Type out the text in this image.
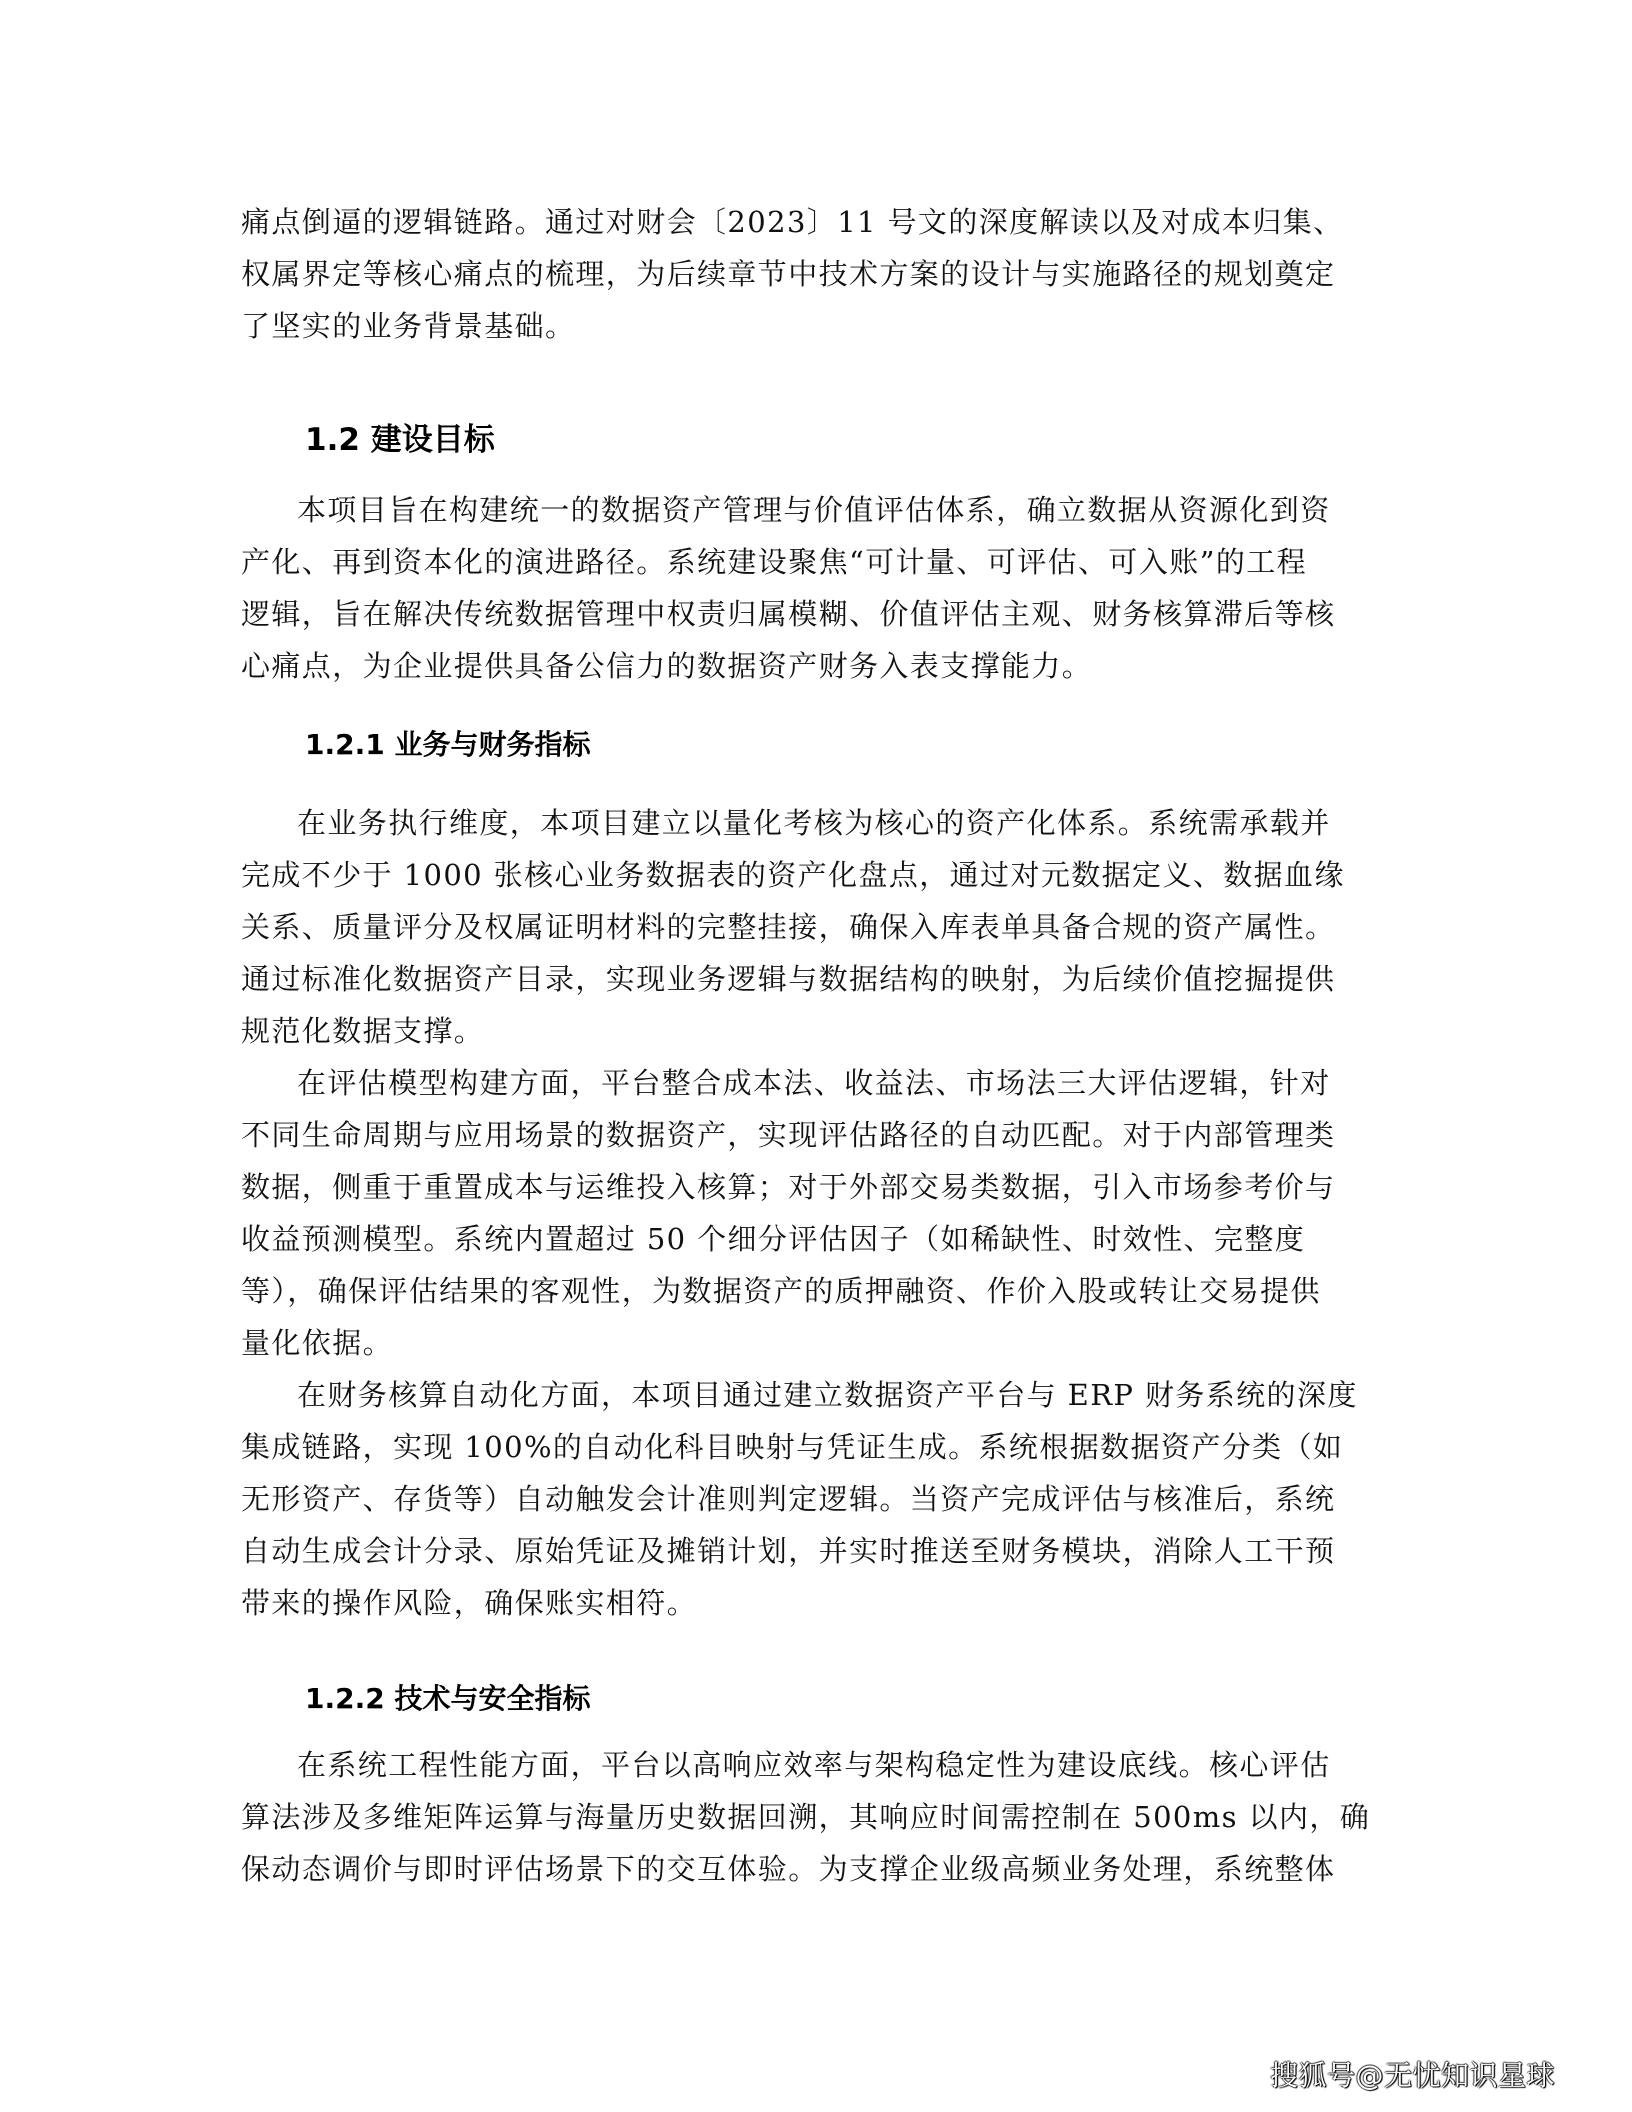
痛点倒逼的逻辑链路。通过对财会〔2023〕11 号文的深度解读以及对成本归集、
权属界定等核心痛点的梳理，为后续章节中技术方案的设计与实施路径的规划奠定
了坚实的业务背景基础。
1.2 建设目标
本项目旨在构建统一的数据资产管理与价值评估体系，确立数据从资源化到资
产化、再到资本化的演进路径。系统建设聚焦“可计量、可评估、可入账”的工程
逻辑，旨在解决传统数据管理中权责归属模糊、价值评估主观、财务核算滞后等核
心痛点，为企业提供具备公信力的数据资产财务入表支撑能力。
1.2.1 业务与财务指标
在业务执行维度，本项目建立以量化考核为核心的资产化体系。系统需承载并
完成不少于 1000 张核心业务数据表的资产化盘点，通过对元数据定义、数据血缘
关系、质量评分及权属证明材料的完整挂接，确保入库表单具备合规的资产属性。
通过标准化数据资产目录，实现业务逻辑与数据结构的映射，为后续价值挖掘提供
规范化数据支撑。
在评估模型构建方面，平台整合成本法、收益法、市场法三大评估逻辑，针对
不同生命周期与应用场景的数据资产，实现评估路径的自动匹配。对于内部管理类
数据，侧重于重置成本与运维投入核算；对于外部交易类数据，引入市场参考价与
收益预测模型。系统内置超过 50 个细分评估因子（如稀缺性、时效性、完整度
等），确保评估结果的客观性，为数据资产的质押融资、作价入股或转让交易提供
量化依据。
在财务核算自动化方面，本项目通过建立数据资产平台与 ERP 财务系统的深度
集成链路，实现 100%的自动化科目映射与凭证生成。系统根据数据资产分类（如
无形资产、存货等）自动触发会计准则判定逻辑。当资产完成评估与核准后，系统
自动生成会计分录、原始凭证及摊销计划，并实时推送至财务模块，消除人工干预
带来的操作风险，确保账实相符。
1.2.2 技术与安全指标
在系统工程性能方面，平台以高响应效率与架构稳定性为建设底线。核心评估
算法涉及多维矩阵运算与海量历史数据回溯，其响应时间需控制在 500ms 以内，确
保动态调价与即时评估场景下的交互体验。为支撑企业级高频业务处理，系统整体
搜狐号@无忧知识星球
